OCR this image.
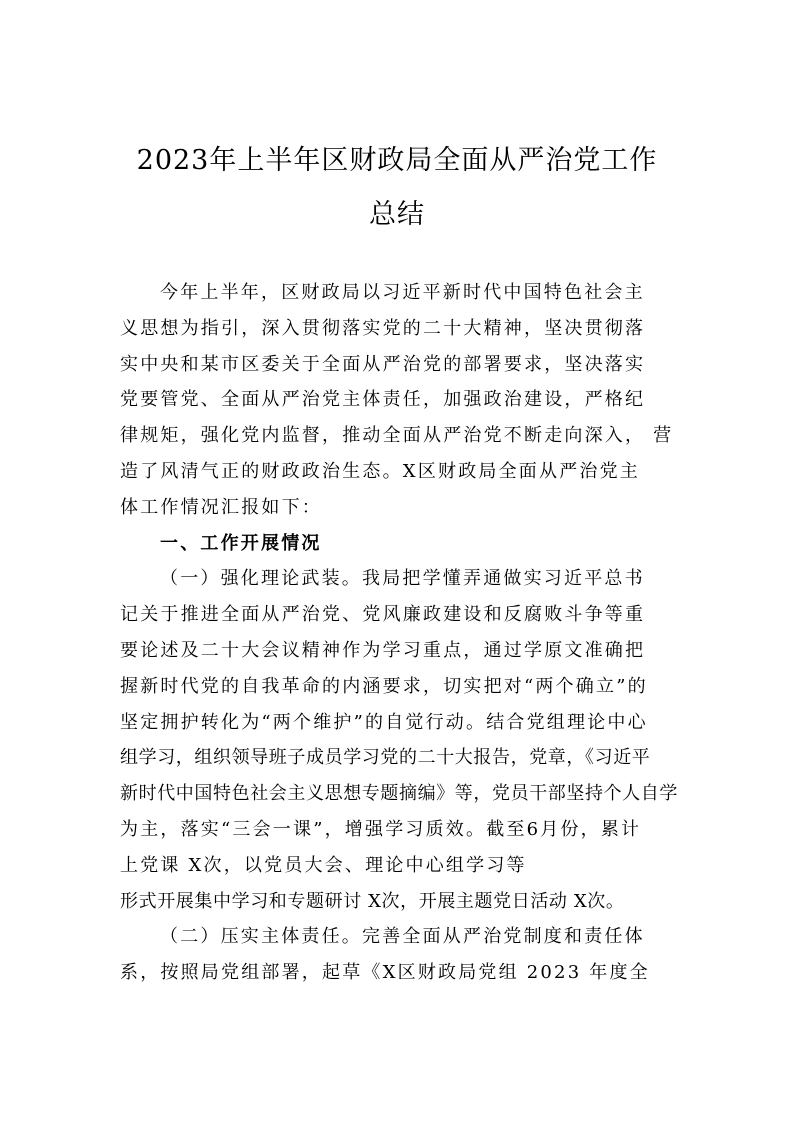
2023年上半年区财政局全面从严治党工作
总结
今年上半年，区财政局以习近平新时代中国特色社会主
义思想为指引，深入贯彻落实党的二十大精神，坚决贯彻落
实中央和某市区委关于全面从严治党的部署要求，坚决落实
党要管党、全面从严治党主体责任，加强政治建设，严格纪
律规矩，强化党内监督，推动全面从严治党不断走向深入， 营
造了风清气正的财政政治生态。X区财政局全面从严治党主
体工作情况汇报如下：
一、工作开展情况
（一）强化理论武装。我局把学懂弄通做实习近平总书
记关于推进全面从严治党、党风廉政建设和反腐败斗争等重
要论述及二十大会议精神作为学习重点，通过学原文准确把
握新时代党的自我革命的内涵要求，切实把对“两个确立”的
坚定拥护转化为“两个维护”的自觉行动。结合党组理论中心
组学习，组织领导班子成员学习党的二十大报告，党章，《习近平
新时代中国特色社会主义思想专题摘编》等，党员干部坚持个人自学
为主，落实“三会一课”，增强学习质效。截至6月份，累计
上党课 X次，以党员大会、理论中心组学习等
形式开展集中学习和专题研讨 X次，开展主题党日活动 X次。
（二）压实主体责任。完善全面从严治党制度和责任体
系，按照局党组部署，起草《X区财政局党组 2023 年度全
